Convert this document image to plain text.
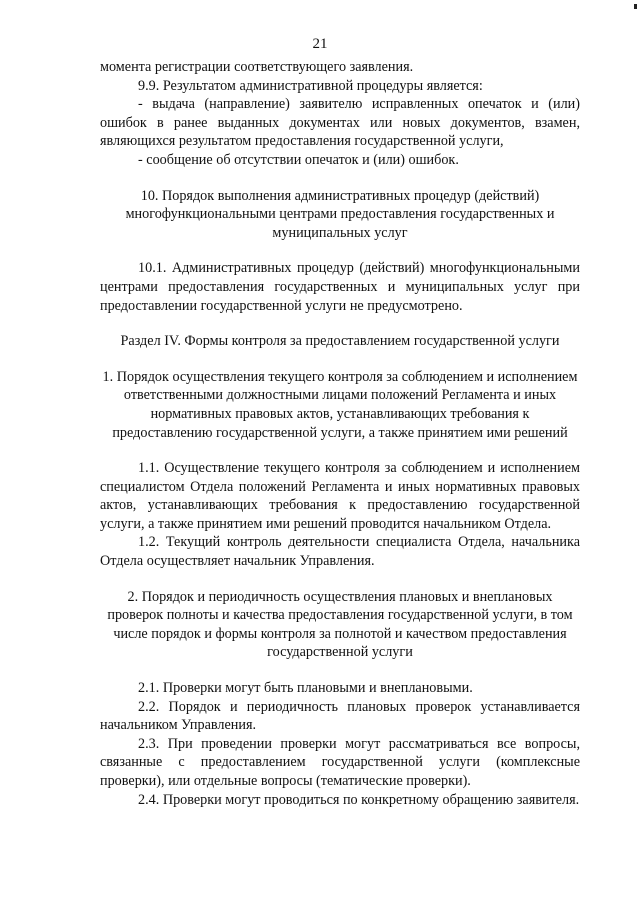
21

момента регистрации соответствующего заявления.

9.9. Результатом административной процедуры является:

- выдача (направление) заявителю исправленных опечаток и (или) ошибок в ранее выданных документах или новых документов, взамен, являющихся результатом предоставления государственной услуги,

- сообщение об отсутствии опечаток и (или) ошибок.

10. Порядок выполнения административных процедур (действий) многофункциональными центрами предоставления государственных и муниципальных услуг

10.1. Административных процедур (действий) многофункциональными центрами предоставления государственных и муниципальных услуг при предоставлении государственной услуги не предусмотрено.

Раздел IV. Формы контроля за предоставлением государственной услуги

1. Порядок осуществления текущего контроля за соблюдением и исполнением ответственными должностными лицами положений Регламента и иных нормативных правовых актов, устанавливающих требования к предоставлению государственной услуги, а также принятием ими решений

1.1. Осуществление текущего контроля за соблюдением и исполнением специалистом Отдела положений Регламента и иных нормативных правовых актов, устанавливающих требования к предоставлению государственной услуги, а также принятием ими решений проводится начальником Отдела.

1.2. Текущий контроль деятельности специалиста Отдела, начальника Отдела осуществляет начальник Управления.

2. Порядок и периодичность осуществления плановых и внеплановых проверок полноты и качества предоставления государственной услуги, в том числе порядок и формы контроля за полнотой и качеством предоставления государственной услуги

2.1. Проверки могут быть плановыми и внеплановыми.

2.2. Порядок и периодичность плановых проверок устанавливается начальником Управления.

2.3. При проведении проверки могут рассматриваться все вопросы, связанные с предоставлением государственной услуги (комплексные проверки), или отдельные вопросы (тематические проверки).

2.4. Проверки могут проводиться по конкретному обращению заявителя.
